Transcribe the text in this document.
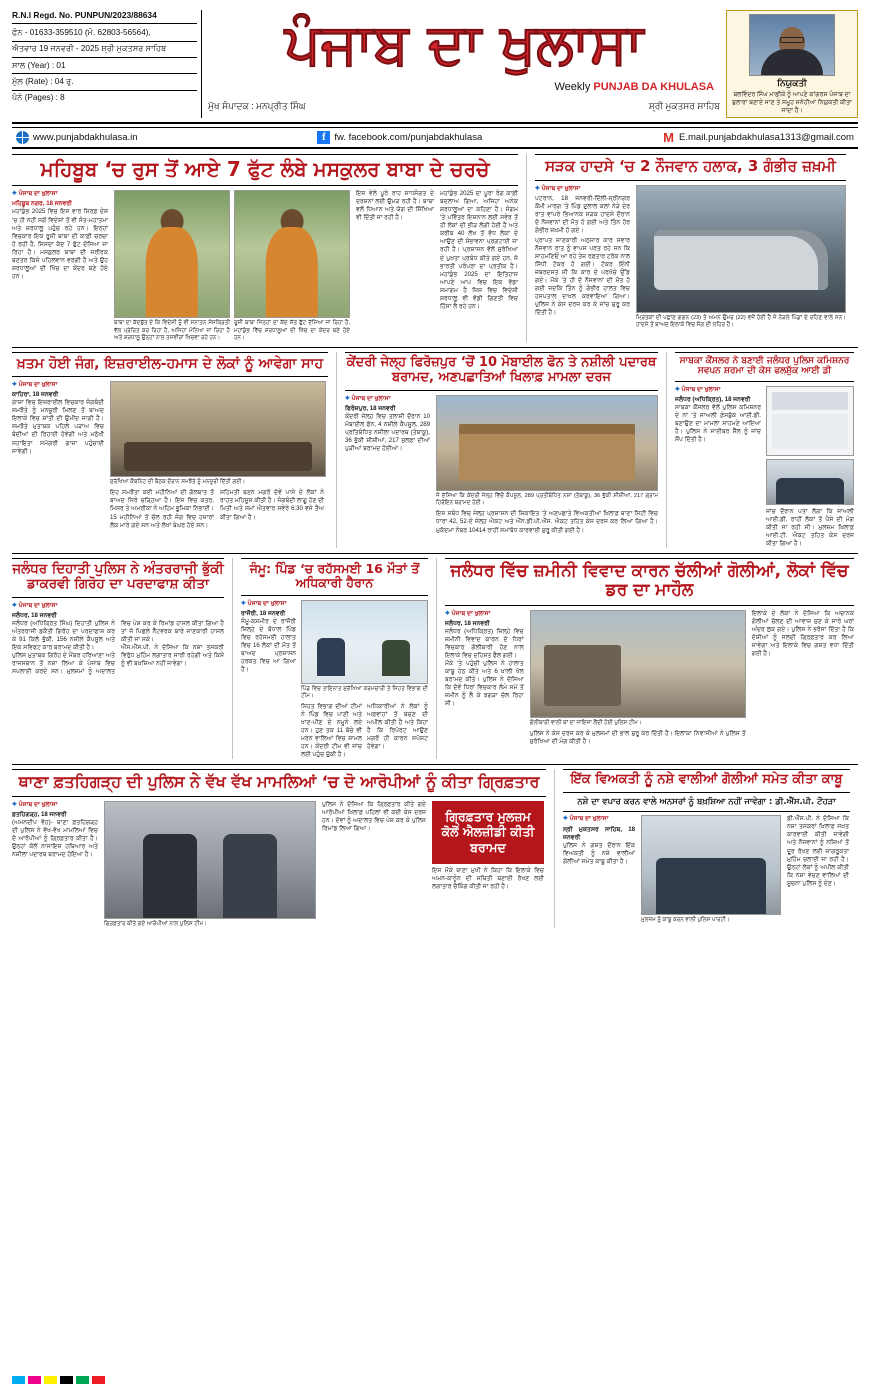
R.N.I Regd. No. PUNPUN/2023/88634
ਫੋਨ - 01633-359510 (ਮੋ. 62803-56564),
ਐਤਵਾਰ 19 ਜਨਵਰੀ - 2025 ਸ਼੍ਰੀ ਮੁਕਤਸਰ ਸਾਹਿਬ
ਸਾਲ (Year) : 01
ਮੁੱਲ (Rate) : 04 ਰੁ.
ਪੰਨੇ (Pages) : 8
ਪੰਜਾਬ ਦਾ ਖੁਲਾਸਾ
Weekly PUNJAB DA KHULASA
ਮੁੱਖ ਸੰਪਾਦਕ : ਮਨਪ੍ਰੀਤ ਸਿੰਘ	ਸ਼੍ਰੀ ਮੁਕਤਸਰ ਸਾਹਿਬ
ਨਿਯੁਕਤੀ
ਬਲਵਿੰਦਰ ਸਿੰਘ ਮਾਛੀਕੇ ਨੂੰ ਆਪਣੇ ਕਾਂਗਰਸ ਪੰਜਾਬ ਦਾ ਬੁਲਾਰਾ ਬਣਾਏ ਜਾਣ ਤੇ ਸਮੂਹ ਸਨੇਹੀਆਂ ਨਿਯੁਕਤੀ ਕੀਤਾ ਜਾਂਦਾ ਹੈ।
www.punjabdakhulasa.in	f fw. facebook.com/punjabdakhulasa	M E.mail.punjabdakhulasa1313@gmail.com
ਮਹਿਬੂਬ ‘ਚ ਰੁਸ ਤੋਂ ਆਏ 7 ਫੁੱਟ ਲੰਬੇ ਮਸਕੁਲਰ ਬਾਬਾ ਦੇ ਚਰਚੇ
✦ ਪੰਜਾਬ ਦਾ ਖੁਲਾਸਾ
ਮਹਿਬੂਬ ਨਗਰ, 18 ਜਨਵਰੀ
ਮਹਾਂਕੁੰਭ 2025 ਵਿਚ ਇਸ ਵਾਰ ਸਿਰਫ਼ ਦੇਸ਼ ‘ਚ ਹੀ ਨਹੀਂ ਸਗੋਂ ਵਿਦੇਸ਼ਾਂ ਤੋਂ ਵੀ ਸੰਤ-ਮਹਾਤਮਾ ਅਤੇ ਸ਼ਰਧਾਲੂ ਪਹੁੰਚ ਰਹੇ ਹਨ। ਇਨ੍ਹਾਂ ਵਿਚਕਾਰ ਇਕ ਰੂਸੀ ਬਾਬਾ ਦੀ ਕਾਫ਼ੀ ਚਰਚਾ ਹੋ ਰਹੀ ਹੈ, ਜਿਸਦਾ ਕੱਦ 7 ਫੁੱਟ ਦੱਸਿਆ ਜਾ ਰਿਹਾ ਹੈ। ਮਸਕੁਲਰ ਬਾਬਾ ਦੀ ਸਰੀਰਕ ਬਣਤਰ ਕਿਸੇ ਪਹਿਲਵਾਨ ਵਰਗੀ ਹੈ ਅਤੇ ਉਹ ਸ਼ਰਧਾਲੂਆਂ ਦੀ ਖਿੱਚ ਦਾ ਕੇਂਦਰ ਬਣੇ ਹੋਏ ਹਨ।
ਬਾਬਾ ਦਾ ਕੱਦਬੁੱਤ ਦੇ ਕਿ ਵਿਦੇਸ਼ੀ ਨੂੰ ਵੀ ਸਨਾਤਨ ਸੰਸਕ੍ਰਿਤੀ ਵੱਲ ਪ੍ਰੇਰਿਤ ਕਰ ਰਿਹਾ ਹੈ, ਅਜਿਹਾ ਮੰਨਿਆ ਜਾ ਰਿਹਾ ਹੈ ਅਤੇ ਸ਼ਰਧਾਲੂ ਉਨ੍ਹਾਂ ਨਾਲ ਤਸਵੀਰਾਂ ਖਿਚਵਾ ਰਹੇ ਹਨ।
ਰੂਸੀ ਬਾਬਾ ਜਿਨ੍ਹਾਂ ਦਾ ਕੱਦ ਸੱਤ ਫੁੱਟ ਦੱਸਿਆ ਜਾ ਰਿਹਾ ਹੈ, ਮਹਾਂਕੁੰਭ ਵਿੱਚ ਸ਼ਰਧਾਲੂਆਂ ਦੀ ਖਿੱਚ ਦਾ ਕੇਂਦਰ ਬਣੇ ਹੋਏ ਹਨ।
ਇਸ ਵੇਲੇ ਪੂਰੇ ਰਾਹ ਸਾਧਸੰਗਤ ਦੇ ਦਰਸ਼ਨਾਂ ਲਈ ਉਮੜ ਰਹੀ ਹੈ। ਬਾਬਾ ਵਲੋਂ ਧਿਆਨ ਅਤੇ ਯੋਗ ਦੀ ਸਿੱਖਿਆ ਵੀ ਦਿੱਤੀ ਜਾ ਰਹੀ ਹੈ।
ਮਹਾਂਕੁੰਭ 2025 ਦਾ ਪੂਰਾ ਰੰਗ ਕਾਫ਼ੀ ਬਦਲਾਅ ਗਿਆ, ਅਜਿਹਾ ਅਨੇਕ ਸ਼ਰਧਾਲੂਆਂ ਦਾ ਕਹਿਣਾ ਹੈ। ਸੰਗਮ ‘ਤੇ ਪਵਿੱਤਰ ਇਸ਼ਨਾਨ ਲਈ ਸਵੇਰ ਤੋਂ ਹੀ ਲੋਕਾਂ ਦੀ ਭੀੜ ਲੱਗੀ ਹੋਈ ਹੈ ਅਤੇ ਕਰੀਬ 40 ਲੱਖ ਤੋਂ ਵੱਧ ਲੋਕਾਂ ਦੇ ਆਉਣ ਦੀ ਸੰਭਾਵਨਾ ਪ੍ਰਗਟਾਈ ਜਾ ਰਹੀ ਹੈ। ਪ੍ਰਸ਼ਾਸਨ ਵੱਲੋਂ ਸੁਰੱਖਿਆ ਦੇ ਪੁਖ਼ਤਾ ਪ੍ਰਬੰਧ ਕੀਤੇ ਗਏ ਹਨ, ਜੋ ਭਾਰਤੀ ਪਰੰਪਰਾ ਦਾ ਪ੍ਰਤੀਕ ਹੈ। ਮਹਾਂਕੁੰਭ 2025 ਦਾ ਇਤਿਹਾਸ ਆਪਣੇ ਆਪ ਵਿਚ ਇਕ ਵੱਡਾ ਸਮਾਗਮ ਹੈ ਜਿਸ ਵਿਚ ਵਿਦੇਸ਼ੀ ਸ਼ਰਧਾਲੂ ਵੀ ਵੱਡੀ ਗਿਣਤੀ ਵਿਚ ਹਿੱਸਾ ਲੈ ਰਹੇ ਹਨ।
ਸੜਕ ਹਾਦਸੇ ‘ਚ 2 ਨੌਜਵਾਨ ਹਲਾਕ, 3 ਗੰਭੀਰ ਜ਼ਖ਼ਮੀ
✦ ਪੰਜਾਬ ਦਾ ਖੁਲਾਸਾ
ਪਟਰਾਨ, 18 ਜਨਵਰੀ-ਦਿੱਲੀ-ਸ੍ਰੀਨਗਰ ਕੌਮੀ ਮਾਰਗ ‘ਤੇ ਪਿੰਡ ਦੁਲਾਲ ਕਲਾਂ ਨੇੜੇ ਦੇਰ ਰਾਤ ਵਾਪਰੇ ਭਿਆਨਕ ਸੜਕ ਹਾਦਸੇ ਦੌਰਾਨ ਦੋ ਨੌਜਵਾਨਾਂ ਦੀ ਮੌਤ ਹੋ ਗਈ ਅਤੇ ਤਿੰਨ ਹੋਰ ਗੰਭੀਰ ਜ਼ਖ਼ਮੀ ਹੋ ਗਏ।
ਪ੍ਰਾਪਤ ਜਾਣਕਾਰੀ ਅਨੁਸਾਰ ਕਾਰ ਸਵਾਰ ਨੌਜਵਾਨ ਰਾਤ ਨੂੰ ਵਾਪਸ ਪਰਤ ਰਹੇ ਸਨ ਕਿ ਸਾਹਮਣਿਓਂ ਆ ਰਹੇ ਤੇਜ਼ ਰਫ਼ਤਾਰ ਟਰੱਕ ਨਾਲ ਸਿੱਧੀ ਟੱਕਰ ਹੋ ਗਈ। ਟੱਕਰ ਇੰਨੀ ਜ਼ਬਰਦਸਤ ਸੀ ਕਿ ਕਾਰ ਦੇ ਪਰਖੱਚੇ ਉੱਡ ਗਏ। ਮੌਕੇ ’ਤੇ ਹੀ ਦੋ ਨੌਜਵਾਨਾਂ ਦੀ ਮੌਤ ਹੋ ਗਈ ਜਦਕਿ ਤਿੰਨ ਨੂੰ ਗੰਭੀਰ ਹਾਲਤ ਵਿਚ ਹਸਪਤਾਲ ਦਾਖ਼ਲ ਕਰਵਾਇਆ ਗਿਆ। ਪੁਲਿਸ ਨੇ ਕੇਸ ਦਰਜ ਕਰ ਕੇ ਜਾਂਚ ਸ਼ੁਰੂ ਕਰ ਦਿੱਤੀ ਹੈ।
ਮ੍ਰਿਤਕਾਂ ਦੀ ਪਛਾਣ ਗਗਨ (23) ਤੇ ਅਮਨ ਉਮਰ (22) ਵਜੋਂ ਹੋਈ ਹੈ ਜੋ ਨੇੜਲੇ ਪਿੰਡਾਂ ਦੇ ਰਹਿਣ ਵਾਲੇ ਸਨ। ਹਾਦਸੇ ਤੋਂ ਬਾਅਦ ਇਲਾਕੇ ਵਿਚ ਸੋਗ ਦੀ ਲਹਿਰ ਹੈ।
ਖ਼ਤਮ ਹੋਈ ਜੰਗ, ਇਜ਼ਰਾਈਲ-ਹਮਾਸ ਦੇ ਲੋਕਾਂ ਨੂੰ ਆਵੇਗਾ ਸਾਹ
✦ ਪੰਜਾਬ ਦਾ ਖੁਲਾਸਾ
ਕਾਹਿਰਾ, 18 ਜਨਵਰੀ
ਗਾਜ਼ਾ ਵਿਚ ਇਜ਼ਰਾਈਲ ਵਿਚਕਾਰ ਜੰਗਬੰਦੀ ਸਮਝੌਤੇ ਨੂੰ ਮਨਜ਼ੂਰੀ ਮਿਲਣ ਤੋਂ ਬਾਅਦ ਇਲਾਕੇ ਵਿਚ ਸ਼ਾਂਤੀ ਦੀ ਉਮੀਦ ਜਾਗੀ ਹੈ। ਸਮਝੌਤੇ ਮੁਤਾਬਕ ਪਹਿਲੇ ਪੜਾਅ ਵਿਚ ਬੰਦੀਆਂ ਦੀ ਰਿਹਾਈ ਹੋਵੇਗੀ ਅਤੇ ਮਨੁੱਖੀ ਸਹਾਇਤਾ ਸਮੱਗਰੀ ਗਾਜ਼ਾ ਪਹੁੰਚਾਈ ਜਾਵੇਗੀ।
ਸੁਰੱਖਿਆ ਕੈਬਨਿਟ ਦੀ ਬੈਠਕ ਦੌਰਾਨ ਸਮਝੌਤੇ ਨੂੰ ਮਨਜ਼ੂਰੀ ਦਿੱਤੀ ਗਈ।
ਇਹ ਸਮਝੌਤਾ ਕਈ ਮਹੀਨਿਆਂ ਦੀ ਗੱਲਬਾਤ ਤੋਂ ਬਾਅਦ ਸਿਰੇ ਚੜ੍ਹਿਆ ਹੈ। ਇਸ ਵਿਚ ਕਤਰ, ਮਿਸਰ ਤੇ ਅਮਰੀਕਾ ਨੇ ਅਹਿਮ ਭੂਮਿਕਾ ਨਿਭਾਈ। 15 ਮਹੀਨਿਆਂ ਤੋਂ ਚੱਲ ਰਹੀ ਜੰਗ ਵਿਚ ਹਜ਼ਾਰਾਂ ਲੋਕ ਮਾਰੇ ਗਏ ਸਨ ਅਤੇ ਲੱਖਾਂ ਬੇਘਰ ਹੋਏ ਸਨ।
ਸਹਿਮਤੀ ਬਣਨ ਮਗਰੋਂ ਦੋਵੇਂ ਪਾਸੇ ਦੇ ਲੋਕਾਂ ਨੇ ਰਾਹਤ ਮਹਿਸੂਸ ਕੀਤੀ ਹੈ। ਜੰਗਬੰਦੀ ਲਾਗੂ ਹੋਣ ਦੀ ਮਿਤੀ ਅਤੇ ਸਮਾਂ ਐਤਵਾਰ ਸਵੇਰੇ 6:30 ਵਜੇ ਤੈਅ ਕੀਤਾ ਗਿਆ ਹੈ।
ਕੇਂਦਰੀ ਜੇਲ੍ਹ ਫਿਰੋਜ਼ਪੁਰ ‘ਚੋਂ 10 ਮੋਬਾਈਲ ਫੋਨ ਤੇ ਨਸ਼ੀਲੀ ਪਦਾਰਥ ਬਰਾਮਦ, ਅਣਪਛਾਤਿਆਂ ਖਿਲਾਫ਼ ਮਾਮਲਾ ਦਰਜ
✦ ਪੰਜਾਬ ਦਾ ਖੁਲਾਸਾ
ਫਿਰੋਜ਼ਪੁਰ, 18 ਜਨਵਰੀ
ਕੇਂਦਰੀ ਜੇਲ੍ਹ ਵਿਚ ਤਲਾਸ਼ੀ ਦੌਰਾਨ 10 ਮੋਬਾਈਲ ਫੋਨ, 4 ਨਸ਼ੀਲੇ ਕੈਪਸੂਲ, 289 ਪ੍ਰਤਿਬੰਧਿਤ ਨਸ਼ੀਲਾ ਪਦਾਰਥ (ਤੰਬਾਕੂ), 36 ਭੁੱਕੀ ਸ਼ੀਸ਼ੀਆਂ, 217 ਸੁਲਫ਼ਾ ਦੀਆਂ ਪੁੜੀਆਂ ਬਰਾਮਦ ਹੋਈਆਂ।
ਜੋ ਦੱਸਿਆ ਕਿ ਕੇਂਦਰੀ ਜੇਲ੍ਹ ਵਿੱਚੋਂ ਕੈਪਸੂਲ, 289 ਪ੍ਰਤੀਬੰਧਿਤ ਨਸ਼ਾ (ਤੰਬਾਕੂ), 36 ਭੁੱਕੀ ਸ਼ੀਸ਼ੀਆਂ, 217 ਗ੍ਰਾਮ ਹਿਰੋਇਨ ਬਰਾਮਦ ਹੋਈ।
ਇਸ ਸਬੰਧ ਵਿਚ ਜੇਲ੍ਹ ਪ੍ਰਸ਼ਾਸਨ ਦੀ ਸ਼ਿਕਾਇਤ ‘ਤੇ ਅਣਪਛਾਤੇ ਵਿਅਕਤੀਆਂ ਖ਼ਿਲਾਫ਼ ਥਾਣਾ ਸਿਟੀ ਵਿਚ ਧਾਰਾ 42, 52-ਏ ਜੇਲ੍ਹ ਐਕਟ ਅਤੇ ਐੱਨ.ਡੀ.ਪੀ.ਐੱਸ. ਐਕਟ ਤਹਿਤ ਕੇਸ ਦਰਜ ਕਰ ਲਿਆ ਗਿਆ ਹੈ। ਮੁਕੱਦਮਾ ਨੰਬਰ 10414 ਰਾਹੀਂ ਸਮਾਂਬੱਧ ਕਾਰਵਾਈ ਸ਼ੁਰੂ ਕੀਤੀ ਗਈ ਹੈ।
ਸਾਬਕਾ ਕੌਂਸਲਰ ਨੇ ਬਣਾਈ ਜਲੰਧਰ ਪੁਲਿਸ ਕਮਿਸ਼ਨਰ ਸਵਪਨ ਸ਼ਰਮਾ ਦੀ ਕੇਸ ਫਲਸ਼ੁੱਕ ਆਈ ਡੀ
✦ ਪੰਜਾਬ ਦਾ ਖੁਲਾਸਾ
ਜਲੰਧਰ (ਅਧਿਕ੍ਰਿਤ), 18 ਜਨਵਰੀ
ਸਾਬਕਾ ਕੌਂਸਲਰ ਵੱਲੋਂ ਪੁਲਿਸ ਕਮਿਸ਼ਨਰ ਦੇ ਨਾਂ ‘ਤੇ ਜਾਅਲੀ ਫ਼ੇਸਬੁੱਕ ਆਈ.ਡੀ. ਬਣਾਉਣ ਦਾ ਮਾਮਲਾ ਸਾਹਮਣੇ ਆਇਆ ਹੈ। ਪੁਲਿਸ ਨੇ ਸਾਈਬਰ ਸੈੱਲ ਨੂੰ ਜਾਂਚ ਸੌਂਪ ਦਿੱਤੀ ਹੈ।
ਜਾਂਚ ਦੌਰਾਨ ਪਤਾ ਲੱਗਾ ਕਿ ਜਾਅਲੀ ਆਈ.ਡੀ. ਰਾਹੀਂ ਲੋਕਾਂ ਤੋਂ ਪੈਸੇ ਦੀ ਮੰਗ ਕੀਤੀ ਜਾ ਰਹੀ ਸੀ। ਮੁਲਜ਼ਮ ਖ਼ਿਲਾਫ਼ ਆਈ.ਟੀ. ਐਕਟ ਤਹਿਤ ਕੇਸ ਦਰਜ ਕੀਤਾ ਗਿਆ ਹੈ।
ਜਲੰਧਰ ਦਿਹਾਤੀ ਪੁਲਿਸ ਨੇ ਅੰਤਰਰਾਜੀ ਭੁੱਕੀ ਡਾਕਰਵੀ ਗਿਰੋਹ ਦਾ ਪਰਦਾਫਾਸ਼ ਕੀਤਾ
✦ ਪੰਜਾਬ ਦਾ ਖੁਲਾਸਾ
ਜਲੰਧਰ, 18 ਜਨਵਰੀ
ਜਲੰਧਰ (ਅਧਿਕ੍ਰਿਤ ਸਿੰਘ) ਦਿਹਾਤੀ ਪੁਲਿਸ ਨੇ ਅੰਤਰਰਾਜੀ ਡਕੈਤੀ ਗਿਰੋਹ ਦਾ ਪਰਦਾਫਾਸ਼ ਕਰ ਕੇ 91 ਕਿਲੋ ਭੁੱਕੀ, 156 ਨਸ਼ੀਲੇ ਕੈਪਸੂਲ ਅਤੇ ਇਕ ਸਵਿਫਟ ਕਾਰ ਬਰਾਮਦ ਕੀਤੀ ਹੈ।
ਪੁਲਿਸ ਮੁਤਾਬਕ ਗਿਰੋਹ ਦੇ ਮੈਂਬਰ ਹਰਿਆਣਾ ਅਤੇ ਰਾਜਸਥਾਨ ਤੋਂ ਨਸ਼ਾ ਲਿਆ ਕੇ ਪੰਜਾਬ ਵਿਚ ਸਪਲਾਈ ਕਰਦੇ ਸਨ। ਮੁਲਜ਼ਮਾਂ ਨੂੰ ਅਦਾਲਤ ਵਿਚ ਪੇਸ਼ ਕਰ ਕੇ ਰਿਮਾਂਡ ਹਾਸਲ ਕੀਤਾ ਗਿਆ ਹੈ ਤਾਂ ਜੋ ਪਿਛਲੇ ਨੈੱਟਵਰਕ ਬਾਰੇ ਜਾਣਕਾਰੀ ਹਾਸਲ ਕੀਤੀ ਜਾ ਸਕੇ।
ਐੱਸ.ਐੱਸ.ਪੀ. ਨੇ ਦੱਸਿਆ ਕਿ ਨਸ਼ਾ ਤਸਕਰੀ ਵਿਰੁੱਧ ਮੁਹਿੰਮ ਲਗਾਤਾਰ ਜਾਰੀ ਰਹੇਗੀ ਅਤੇ ਕਿਸੇ ਨੂੰ ਵੀ ਬਖ਼ਸ਼ਿਆ ਨਹੀਂ ਜਾਵੇਗਾ।
ਜੰਮੂ: ਪਿੰਡ ‘ਚ ਰਹੱਸਮਈ 16 ਮੌਤਾਂ ਤੋਂ ਅਧਿਕਾਰੀ ਹੈਰਾਨ
✦ ਪੰਜਾਬ ਦਾ ਖੁਲਾਸਾ
ਰਾਜੌਰੀ, 18 ਜਨਵਰੀ
ਜੰਮੂ-ਕਸ਼ਮੀਰ ਦੇ ਰਾਜੌਰੀ ਜ਼ਿਲ੍ਹੇ ਦੇ ਬੱਧਾਲ ਪਿੰਡ ਵਿਚ ਰਹੱਸਮਈ ਹਾਲਾਤ ਵਿਚ 16 ਲੋਕਾਂ ਦੀ ਮੌਤ ਤੋਂ ਬਾਅਦ ਪ੍ਰਸ਼ਾਸਨ ਹਰਕਤ ਵਿਚ ਆ ਗਿਆ ਹੈ।
ਪਿੰਡ ਵਿਚ ਤਾਇਨਾਤ ਸੁਰੱਖਿਆ ਕਰਮਚਾਰੀ ਤੇ ਸਿਹਤ ਵਿਭਾਗ ਦੀ ਟੀਮ।
ਸਿਹਤ ਵਿਭਾਗ ਦੀਆਂ ਟੀਮਾਂ ਨੇ ਪਿੰਡ ਵਿਚ ਪਾਣੀ ਅਤੇ ਖਾਣ-ਪੀਣ ਦੇ ਨਮੂਨੇ ਲਏ ਹਨ। ਹੁਣ ਤਕ 11 ਬੱਚੇ ਵੀ ਮਰਨ ਵਾਲਿਆਂ ਵਿਚ ਸ਼ਾਮਲ ਹਨ। ਕੇਂਦਰੀ ਟੀਮ ਵੀ ਜਾਂਚ ਲਈ ਪਹੁੰਚ ਚੁੱਕੀ ਹੈ।
ਅਧਿਕਾਰੀਆਂ ਨੇ ਲੋਕਾਂ ਨੂੰ ਅਫ਼ਵਾਹਾਂ ਤੋਂ ਬਚਣ ਦੀ ਅਪੀਲ ਕੀਤੀ ਹੈ ਅਤੇ ਕਿਹਾ ਹੈ ਕਿ ਰਿਪੋਰਟ ਆਉਣ ਮਗਰੋਂ ਹੀ ਕਾਰਨ ਸਪੱਸ਼ਟ ਹੋਵੇਗਾ।
ਜਲੰਧਰ ਵਿੱਚ ਜ਼ਮੀਨੀ ਵਿਵਾਦ ਕਾਰਨ ਚੱਲੀਆਂ ਗੋਲੀਆਂ, ਲੋਕਾਂ ਵਿੱਚ ਡਰ ਦਾ ਮਾਹੌਲ
✦ ਪੰਜਾਬ ਦਾ ਖੁਲਾਸਾ
ਜਲੰਧਰ, 18 ਜਨਵਰੀ
ਜਲੰਧਰ (ਅਧਿਕ੍ਰਿਤ) ਜ਼ਿਲ੍ਹੇ ਵਿਚ ਜ਼ਮੀਨੀ ਵਿਵਾਦ ਕਾਰਨ ਦੋ ਧਿਰਾਂ ਵਿਚਕਾਰ ਗੋਲੀਬਾਰੀ ਹੋਣ ਨਾਲ ਇਲਾਕੇ ਵਿਚ ਦਹਿਸ਼ਤ ਫੈਲ ਗਈ।
ਮੌਕੇ ‘ਤੇ ਪਹੁੰਚੀ ਪੁਲਿਸ ਨੇ ਹਾਲਾਤ ਕਾਬੂ ਹੇਠ ਕੀਤੇ ਅਤੇ 6 ਖ਼ਾਲੀ ਖੋਲ ਬਰਾਮਦ ਕੀਤੇ। ਪੁਲਿਸ ਨੇ ਦੱਸਿਆ ਕਿ ਦੋਵੇਂ ਧਿਰਾਂ ਵਿਚਕਾਰ ਲੰਮੇ ਸਮੇਂ ਤੋਂ ਜ਼ਮੀਨ ਨੂੰ ਲੈ ਕੇ ਝਗੜਾ ਚੱਲ ਰਿਹਾ ਸੀ।
ਗੋਲੀਬਾਰੀ ਵਾਲੀ ਥਾਂ ਦਾ ਜਾਇਜ਼ਾ ਲੈਂਦੀ ਹੋਈ ਪੁਲਿਸ ਟੀਮ।
ਪੁਲਿਸ ਨੇ ਕੇਸ ਦਰਜ ਕਰ ਕੇ ਮੁਲਜ਼ਮਾਂ ਦੀ ਭਾਲ ਸ਼ੁਰੂ ਕਰ ਦਿੱਤੀ ਹੈ। ਇਲਾਕਾ ਨਿਵਾਸੀਆਂ ਨੇ ਪੁਲਿਸ ਤੋਂ ਸੁਰੱਖਿਆ ਦੀ ਮੰਗ ਕੀਤੀ ਹੈ।
ਇਲਾਕੇ ਦੇ ਲੋਕਾਂ ਨੇ ਦੱਸਿਆ ਕਿ ਅਚਾਨਕ ਗੋਲੀਆਂ ਚੱਲਣ ਦੀ ਆਵਾਜ਼ ਸੁਣ ਕੇ ਸਾਰੇ ਘਰਾਂ ਅੰਦਰ ਲੁਕ ਗਏ। ਪੁਲਿਸ ਨੇ ਭਰੋਸਾ ਦਿੱਤਾ ਹੈ ਕਿ ਦੋਸ਼ੀਆਂ ਨੂੰ ਜਲਦੀ ਗ੍ਰਿਫ਼ਤਾਰ ਕਰ ਲਿਆ ਜਾਵੇਗਾ ਅਤੇ ਇਲਾਕੇ ਵਿਚ ਗਸ਼ਤ ਵਧਾ ਦਿੱਤੀ ਗਈ ਹੈ।
ਥਾਣਾ ਫ਼ਤਹਿਗੜ੍ਹ ਦੀ ਪੁਲਿਸ ਨੇ ਵੱਖ ਵੱਖ ਮਾਮਲਿਆਂ ‘ਚ ਦੋ ਆਰੋਪੀਆਂ ਨੂੰ ਕੀਤਾ ਗ੍ਰਿਫ਼ਤਾਰ
✦ ਪੰਜਾਬ ਦਾ ਖੁਲਾਸਾ
ਫ਼ਤਹਿਗੜ੍ਹ, 18 ਜਨਵਰੀ
(ਅਮਨਦੀਪ ਵੋਹ)- ਥਾਣਾ ਫ਼ਤਹਿਗੜ੍ਹ ਦੀ ਪੁਲਿਸ ਨੇ ਵੱਖ-ਵੱਖ ਮਾਮਲਿਆਂ ਵਿਚ ਦੋ ਆਰੋਪੀਆਂ ਨੂੰ ਗ੍ਰਿਫ਼ਤਾਰ ਕੀਤਾ ਹੈ। ਉਨ੍ਹਾਂ ਕੋਲੋਂ ਨਾਜਾਇਜ਼ ਹਥਿਆਰ ਅਤੇ ਨਸ਼ੀਲਾ ਪਦਾਰਥ ਬਰਾਮਦ ਹੋਇਆ ਹੈ।
ਗ੍ਰਿਫ਼ਤਾਰ ਕੀਤੇ ਗਏ ਆਰੋਪੀਆਂ ਨਾਲ ਪੁਲਿਸ ਟੀਮ।
ਪੁਲਿਸ ਨੇ ਦੱਸਿਆ ਕਿ ਗ੍ਰਿਫ਼ਤਾਰ ਕੀਤੇ ਗਏ ਆਰੋਪੀਆਂ ਖ਼ਿਲਾਫ਼ ਪਹਿਲਾਂ ਵੀ ਕਈ ਕੇਸ ਦਰਜ ਹਨ। ਦੋਵਾਂ ਨੂੰ ਅਦਾਲਤ ਵਿਚ ਪੇਸ਼ ਕਰ ਕੇ ਪੁਲਿਸ ਰਿਮਾਂਡ ਲਿਆ ਗਿਆ।
ਗ੍ਰਿਫ਼ਤਾਰ ਮੁਲਜ਼ਮ ਕੋਲੋਂ ਐਲਜ਼ੀਡੀ ਕੀਤੀ ਬਰਾਮਦ
ਇਸ ਮੌਕੇ ਥਾਣਾ ਮੁਖੀ ਨੇ ਕਿਹਾ ਕਿ ਇਲਾਕੇ ਵਿਚ ਅਮਨ-ਕਾਨੂੰਨ ਦੀ ਸਥਿਤੀ ਬਣਾਈ ਰੱਖਣ ਲਈ ਲਗਾਤਾਰ ਚੈਕਿੰਗ ਕੀਤੀ ਜਾ ਰਹੀ ਹੈ।
ਇੱਕ ਵਿਅਕਤੀ ਨੂੰ ਨਸ਼ੇ ਵਾਲੀਆਂ ਗੋਲੀਆਂ ਸਮੇਤ ਕੀਤਾ ਕਾਬੂ
ਨਸ਼ੇ ਦਾ ਵਪਾਰ ਕਰਨ ਵਾਲੇ ਅਨਸਰਾਂ ਨੂੰ ਬਖ਼ਸ਼ਿਆ ਨਹੀਂ ਜਾਵੇਗਾ : ਡੀ.ਐੱਸ.ਪੀ. ਟੌਹੜਾ
✦ ਪੰਜਾਬ ਦਾ ਖੁਲਾਸਾ
ਸ੍ਰੀ ਮੁਕਤਸਰ ਸਾਹਿਬ, 18 ਜਨਵਰੀ
ਪੁਲਿਸ ਨੇ ਗਸ਼ਤ ਦੌਰਾਨ ਇੱਕ ਵਿਅਕਤੀ ਨੂੰ ਨਸ਼ੇ ਵਾਲੀਆਂ ਗੋਲੀਆਂ ਸਮੇਤ ਕਾਬੂ ਕੀਤਾ ਹੈ।
ਮੁਲਜ਼ਮ ਨੂੰ ਕਾਬੂ ਕਰਨ ਵਾਲੀ ਪੁਲਿਸ ਪਾਰਟੀ।
ਡੀ.ਐੱਸ.ਪੀ. ਨੇ ਦੱਸਿਆ ਕਿ ਨਸ਼ਾ ਤਸਕਰਾਂ ਖ਼ਿਲਾਫ਼ ਸਖ਼ਤ ਕਾਰਵਾਈ ਕੀਤੀ ਜਾਵੇਗੀ ਅਤੇ ਨੌਜਵਾਨਾਂ ਨੂੰ ਨਸ਼ਿਆਂ ਤੋਂ ਦੂਰ ਰੱਖਣ ਲਈ ਜਾਗਰੂਕਤਾ ਮੁਹਿੰਮ ਚਲਾਈ ਜਾ ਰਹੀ ਹੈ। ਉਨ੍ਹਾਂ ਲੋਕਾਂ ਨੂੰ ਅਪੀਲ ਕੀਤੀ ਕਿ ਨਸ਼ਾ ਵੇਚਣ ਵਾਲਿਆਂ ਦੀ ਸੂਚਨਾ ਪੁਲਿਸ ਨੂੰ ਦੇਣ।
